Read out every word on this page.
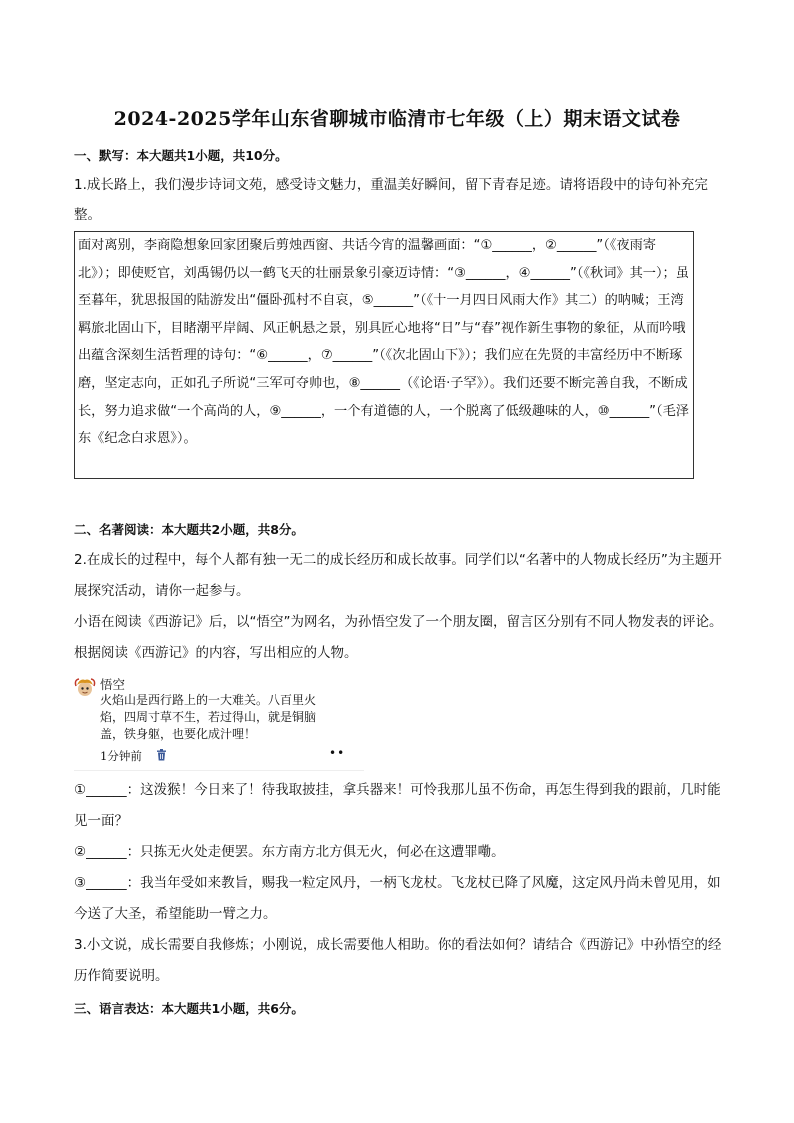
2024-2025学年山东省聊城市临清市七年级（上）期末语文试卷
一、默写：本大题共1小题，共10分。
1.成长路上，我们漫步诗词文苑，感受诗文魅力，重温美好瞬间，留下青春足迹。请将语段中的诗句补充完整。
面对离别，李商隐想象回家团聚后剪烛西窗、共话今宵的温馨画面：“①______，②______”（《夜雨寄北》）；即使贬官，刘禹锡仍以一鹤飞天的壮丽景象引豪迈诗情：“③______，④______”（《秋词》其一）；虽至暮年，犹思报国的陆游发出“僵卧孤村不自哀，⑤______”（《十一月四日风雨大作》其二）的呐喊；王湾羁旅北固山下，目睹潮平岸阔、风正帆悬之景，别具匠心地将“日”与“春”视作新生事物的象征，从而吟哦出蕴含深刻生活哲理的诗句：“⑥______，⑦______”（《次北固山下》）；我们应在先贤的丰富经历中不断琢磨，坚定志向，正如孔子所说“三军可夺帅也，⑧______（《论语·子罕》）。我们还要不断完善自我，不断成长，努力追求做“一个高尚的人，⑨______，一个有道德的人，一个脱离了低级趣味的人，⑩______”（毛泽东《纪念白求恩》）。
二、名著阅读：本大题共2小题，共8分。
2.在成长的过程中，每个人都有独一无二的成长经历和成长故事。同学们以“名著中的人物成长经历”为主题开展探究活动，请你一起参与。
小语在阅读《西游记》后，以“悟空”为网名，为孙悟空发了一个朋友圈，留言区分别有不同人物发表的评论。根据阅读《西游记》的内容，写出相应的人物。
悟空
火焰山是西行路上的一大难关。八百里火焰，四周寸草不生，若过得山，就是铜脑盖，铁身躯，也要化成汁哩！
1分钟前	••
①______：这泼猴！今日来了！待我取披挂，拿兵器来！可怜我那儿虽不伤命，再怎生得到我的跟前，几时能见一面？
②______：只拣无火处走便罢。东方南方北方俱无火，何必在这遭罪嘞。
③______：我当年受如来教旨，赐我一粒定风丹，一柄飞龙杖。飞龙杖已降了风魔，这定风丹尚未曾见用，如今送了大圣，希望能助一臂之力。
3.小文说，成长需要自我修炼；小刚说，成长需要他人相助。你的看法如何？请结合《西游记》中孙悟空的经历作简要说明。
三、语言表达：本大题共1小题，共6分。
